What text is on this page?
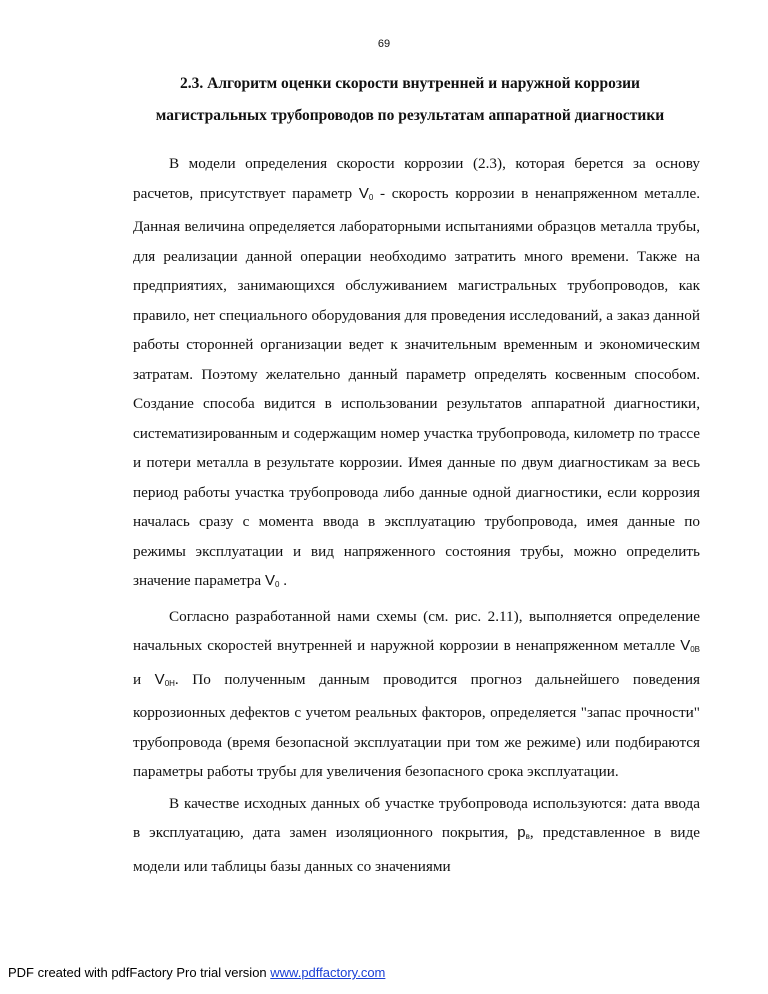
69
2.3. Алгоритм оценки скорости внутренней и наружной коррозии
магистральных трубопроводов по результатам аппаратной диагностики

В модели определения скорости коррозии (2.3), которая берется за основу расчетов, присутствует параметр $V_0$ - скорость коррозии в ненапряженном металле. Данная величина определяется лабораторными испытаниями образцов металла трубы, для реализации данной операции необходимо затратить много времени. Также на предприятиях, занимающихся обслуживанием магистральных трубопроводов, как правило, нет специального оборудования для проведения исследований, а заказ данной работы сторонней организации ведет к значительным временным и экономическим затратам. Поэтому желательно данный параметр определять косвенным способом. Создание способа видится в использовании результатов аппаратной диагностики, систематизированным и содержащим номер участка трубопровода, километр по трассе и потери металла в результате коррозии. Имея данные по двум диагностикам за весь период работы участка трубопровода либо данные одной диагностики, если коррозия началась сразу с момента ввода в эксплуатацию трубопровода, имея данные по режимы эксплуатации и вид напряженного состояния трубы, можно определить значение параметра $V_0$ .

Согласно разработанной нами схемы (см. рис. 2.11), выполняется определение начальных скоростей внутренней и наружной коррозии в ненапряженном металле $V_{0В}$ и $V_{0Н}$. По полученным данным проводится прогноз дальнейшего поведения коррозионных дефектов с учетом реальных факторов, определяется "запас прочности" трубопровода (время безопасной эксплуатации при том же режиме) или подбираются параметры работы трубы для увеличения безопасного срока эксплуатации.

В качестве исходных данных об участке трубопровода используются: дата ввода в эксплуатацию, дата замен изоляционного покрытия, $р_в$, представленное в виде модели или таблицы базы данных со значениями

PDF created with pdfFactory Pro trial version www.pdffactory.com
